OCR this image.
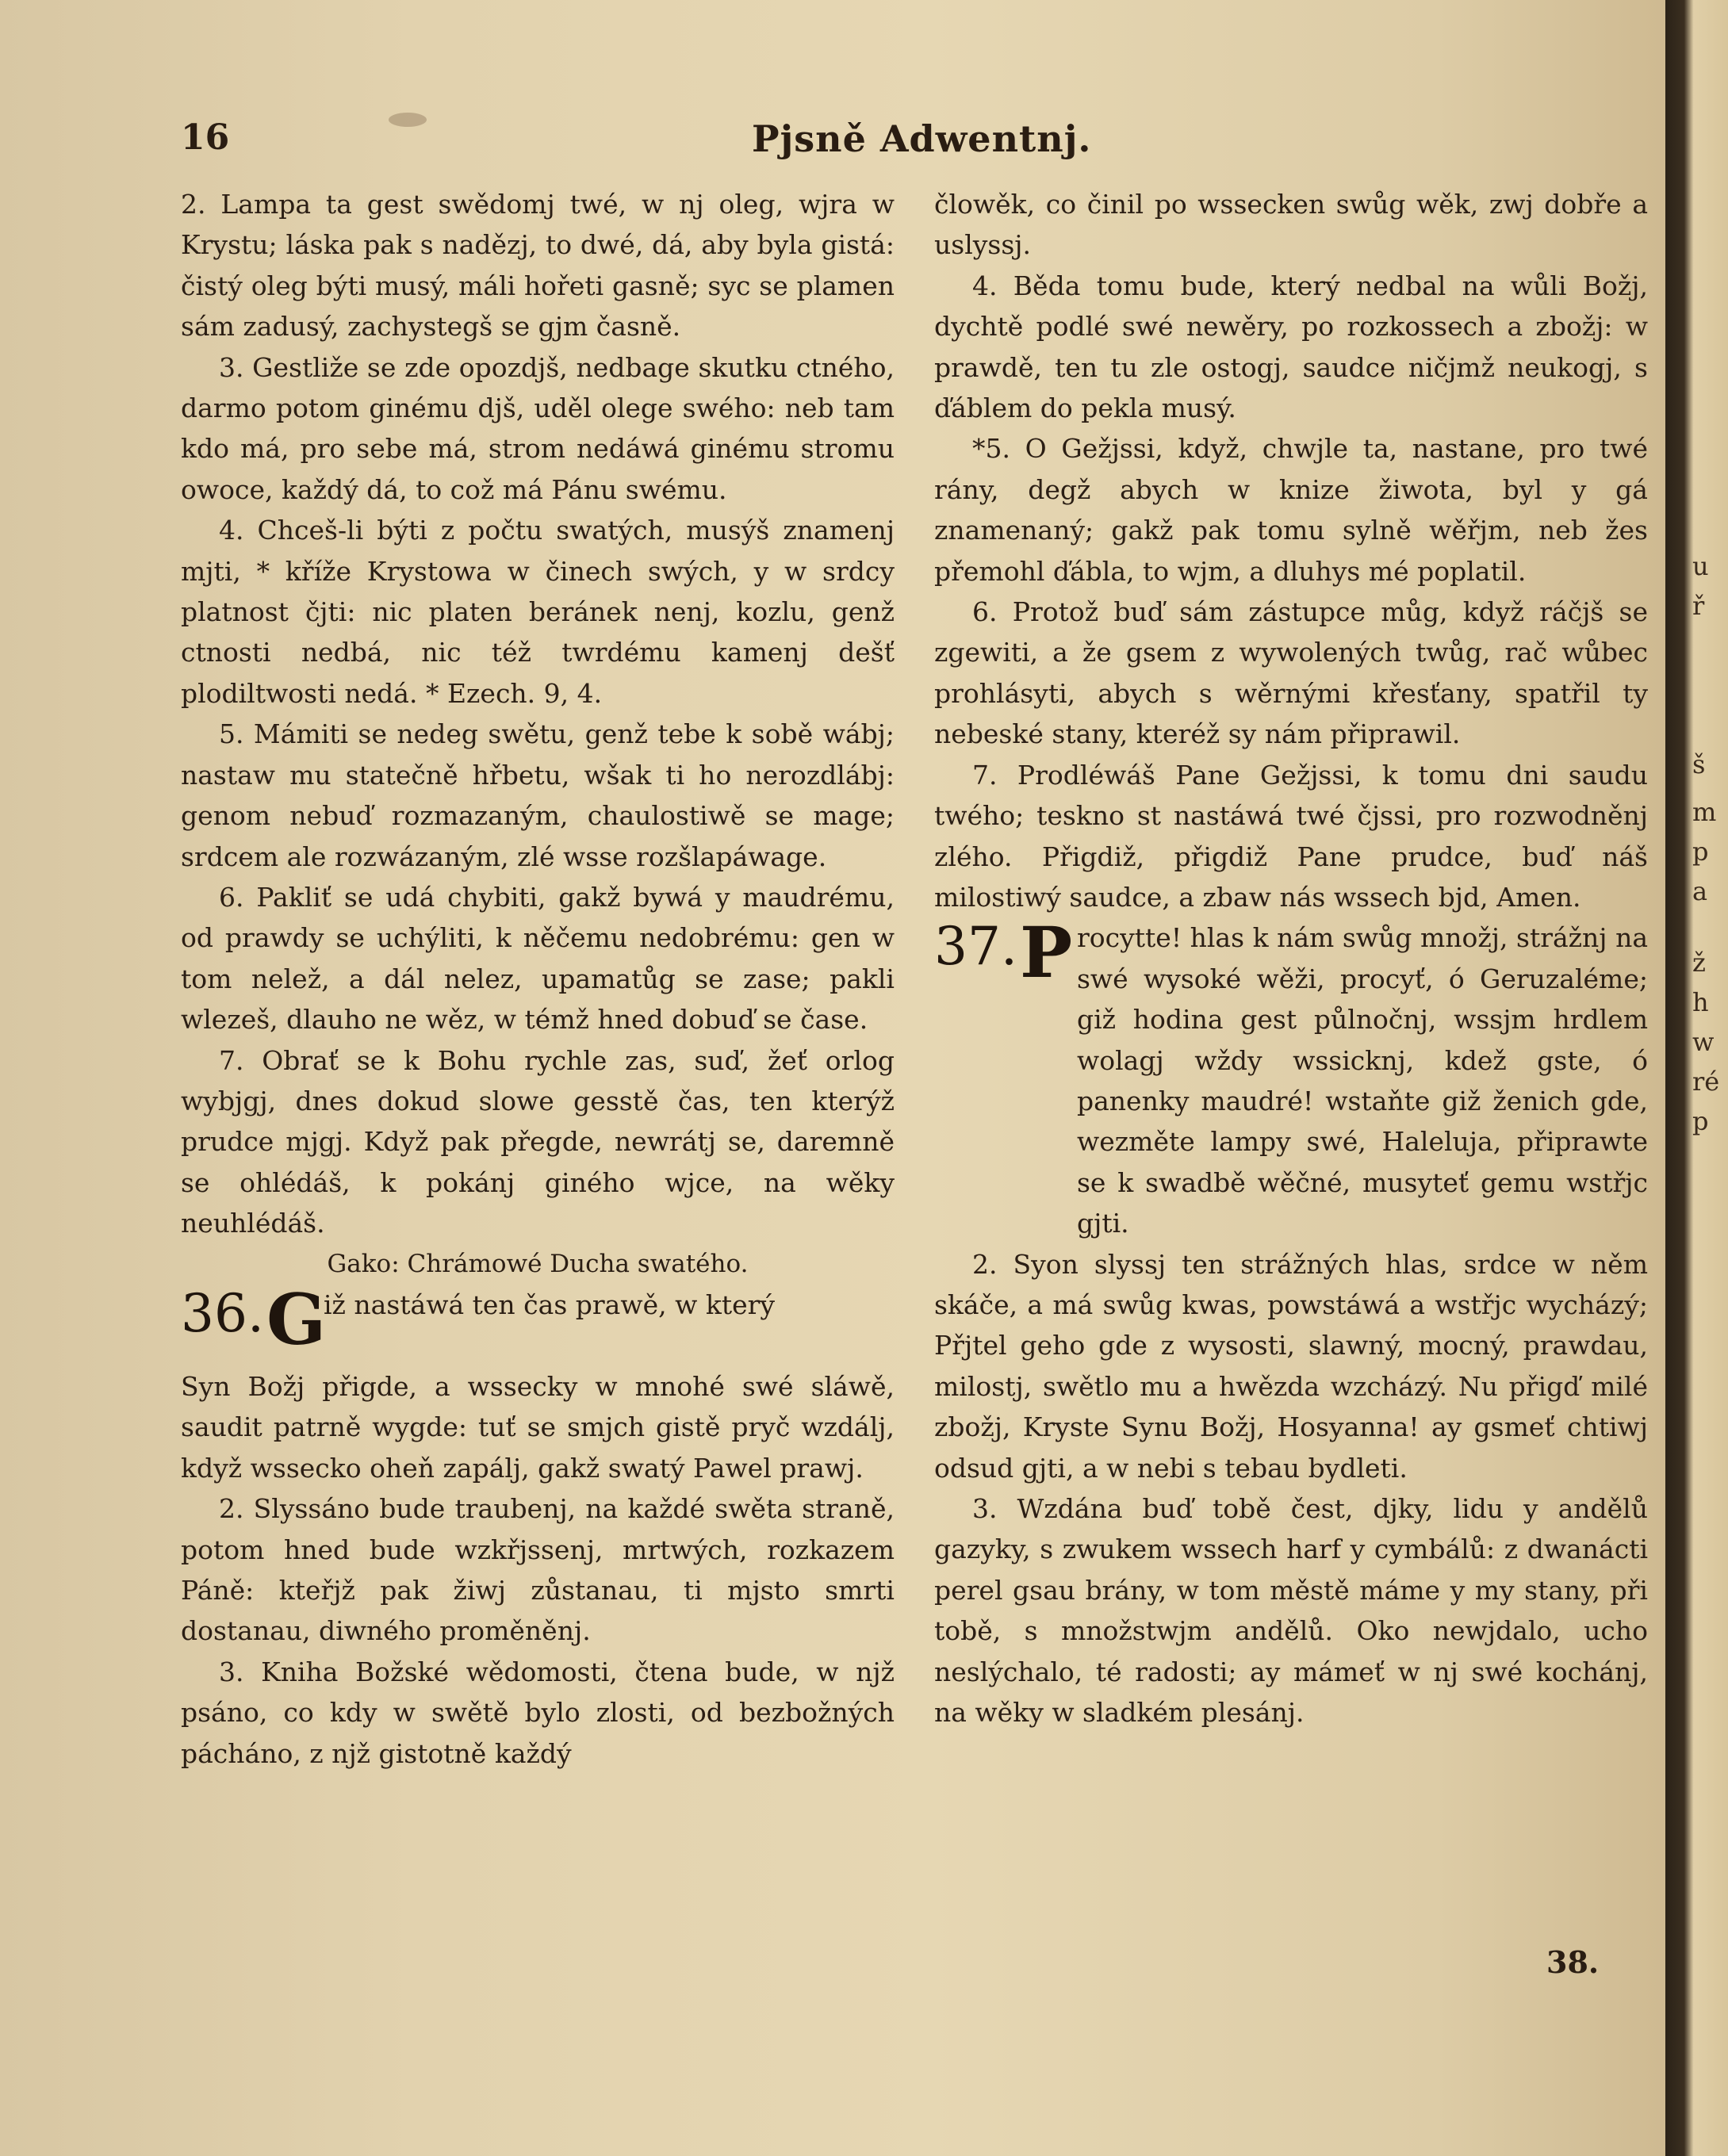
16	Pjsně Adwentnj.

2. Lampa ta gest swědomj twé, w nj oleg, wjra w Krystu; láska pak s nadězj, to dwé, dá, aby byla gistá: čistý oleg býti musý, máli hořeti gasně; syc se plamen sám zadusý, zachystegš se gjm časně.

3. Gestliže se zde opozdjš, nedbage skutku ctného, darmo potom ginému djš, uděl olege swého: neb tam kdo má, pro sebe má, strom nedáwá ginému stromu owoce, každý dá, to což má Pánu swému.

4. Chceš-li býti z počtu swatých, musýš znamenj mjti, * kříže Krystowa w činech swých, y w srdcy platnost čjti: nic platen beránek nenj, kozlu, genž ctnosti nedbá, nic též twrdému kamenj dešť plodiltwosti nedá. * Ezech. 9, 4.

5. Mámiti se nedeg swětu, genž tebe k sobě wábj; nastaw mu statečně hřbetu, wšak ti ho nerozdlábj: genom nebuď rozmazaným, chaulostiwě se mage; srdcem ale rozwázaným, zlé wsse rozšlapáwage.

6. Pakliť se udá chybiti, gakž bywá y maudrému, od prawdy se uchýliti, k něčemu nedobrému: gen w tom nelež, a dál nelez, upamatůg se zase; pakli wlezeš, dlauho ne wěz, w témž hned dobuď se čase.

7. Obrať se k Bohu rychle zas, suď, žeť orlog wybjgj, dnes dokud slowe gesstě čas, ten kterýž prudce mjgj. Když pak přegde, newrátj se, daremně se ohlédáš, k pokánj giného wjce, na wěky neuhlédáš.

Gako: Chrámowé Ducha swatého.

36. G
iž nastáwá ten čas prawě, w který

Syn Božj přigde, a wssecky w mnohé swé sláwě, saudit patrně wygde: tuť se smjch gistě pryč wzdálj, když wssecko oheň zapálj, gakž swatý Pawel prawj.

2. Slyssáno bude traubenj, na každé swěta straně, potom hned bude wzkřjssenj, mrtwých, rozkazem Páně: kteřjž pak žiwj zůstanau, ti mjsto smrti dostanau, diwného proměněnj.

3. Kniha Božské wědomosti, čtena bude, w njž psáno, co kdy w swětě bylo zlosti, od bezbožných pácháno, z njž gistotně každý

člowěk, co činil po wssecken swůg wěk, zwj dobře a uslyssj.

4. Běda tomu bude, který nedbal na wůli Božj, dychtě podlé swé newěry, po rozkossech a zbožj: w prawdě, ten tu zle ostogj, saudce ničjmž neukogj, s ďáblem do pekla musý.

*5. O Gežjssi, když, chwjle ta, nastane, pro twé rány, degž abych w knize žiwota, byl y gá znamenaný; gakž pak tomu sylně wěřjm, neb žes přemohl ďábla, to wjm, a dluhys mé poplatil.

6. Protož buď sám zástupce můg, když ráčjš se zgewiti, a že gsem z wywolených twůg, rač wůbec prohlásyti, abych s wěrnými křesťany, spatřil ty nebeské stany, kteréž sy nám připrawil.

7. Prodléwáš Pane Gežjssi, k tomu dni saudu twého; teskno st nastáwá twé čjssi, pro rozwodněnj zlého. Přigdiž, přigdiž Pane prudce, buď náš milostiwý saudce, a zbaw nás wssech bjd, Amen.

37. P rocytte! hlas k nám swůg množj, strážnj na swé wysoké wěži, procyť, ó Geruzaléme; giž hodina gest půlnočnj, wssjm hrdlem wolagj wždy wssicknj, kdež gste, ó panenky maudré! wstaňte giž ženich gde, wezměte lampy swé, Haleluja, připrawte se k swadbě wěčné, musyteť gemu wstřjc gjti.

2. Syon slyssj ten strážných hlas, srdce w něm skáče, a má swůg kwas, powstáwá a wstřjc wycházý; Přjtel geho gde z wysosti, slawný, mocný, prawdau, milostj, swětlo mu a hwězda wzcházý. Nu přigď milé zbožj, Kryste Synu Božj, Hosyanna! ay gsmeť chtiwj odsud gjti, a w nebi s tebau bydleti.

3. Wzdána buď tobě čest, djky, lidu y andělů gazyky, s zwukem wssech harf y cymbálů: z dwanácti perel gsau brány, w tom městě máme y my stany, při tobě, s množstwjm andělů. Oko newjdalo, ucho neslýchalo, té radosti; ay mámeť w nj swé kochánj, na wěky w sladkém plesánj.

38.
u
ř
š
m
p
a
ž
h
w
ré
p
